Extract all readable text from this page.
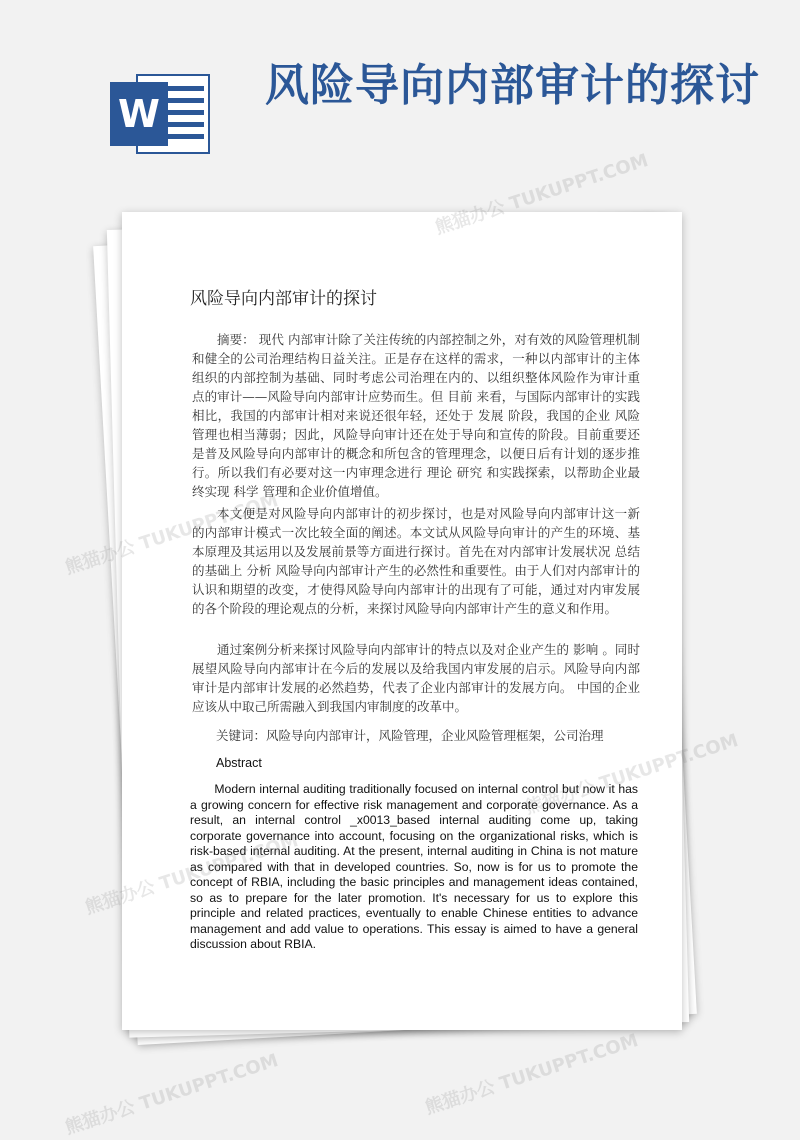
W
风险导向内部审计的探讨
风险导向内部审计的探讨

摘要： 现代 内部审计除了关注传统的内部控制之外，对有效的风险管理机制和健全的公司治理结构日益关注。正是存在这样的需求，一种以内部审计的主体组织的内部控制为基础、同时考虑公司治理在内的、以组织整体风险作为审计重点的审计——风险导向内部审计应势而生。但 目前 来看，与国际内部审计的实践相比，我国的内部审计相对来说还很年轻，还处于 发展 阶段，我国的企业 风险管理也相当薄弱；因此，风险导向审计还在处于导向和宣传的阶段。目前重要还是普及风险导向内部审计的概念和所包含的管理理念，以便日后有计划的逐步推行。所以我们有必要对这一内审理念进行 理论 研究 和实践探索，以帮助企业最终实现 科学 管理和企业价值增值。

本文便是对风险导向内部审计的初步探讨，也是对风险导向内部审计这一新的内部审计模式一次比较全面的阐述。本文试从风险导向审计的产生的环境、基本原理及其运用以及发展前景等方面进行探讨。首先在对内部审计发展状况 总结 的基础上 分析 风险导向内部审计产生的必然性和重要性。由于人们对内部审计的认识和期望的改变，才使得风险导向内部审计的出现有了可能，通过对内审发展的各个阶段的理论观点的分析，来探讨风险导向内部审计产生的意义和作用。

通过案例分析来探讨风险导向内部审计的特点以及对企业产生的 影响 。同时展望风险导向内部审计在今后的发展以及给我国内审发展的启示。风险导向内部审计是内部审计发展的必然趋势，代表了企业内部审计的发展方向。 中国的企业应该从中取己所需融入到我国内审制度的改革中。

关键词：风险导向内部审计，风险管理，企业风险管理框架，公司治理

Abstract

Modern internal auditing traditionally focused on internal control but now it has a growing concern for effective risk management and corporate governance. As a result, an internal control _x0013_based internal auditing come up, taking corporate governance into account, focusing on the organizational risks, which is risk-based internal auditing. At the present, internal auditing in China is not mature as compared with that in developed countries. So, now is for us to promote the concept of RBIA, including the basic principles and management ideas contained, so as to prepare for the later promotion. It's necessary for us to explore this principle and related practices, eventually to enable Chinese entities to advance management and add value to operations. This essay is aimed to have a general discussion about RBIA.

熊猫办公 TUKUPPT.COM
熊猫办公
熊猫办公
熊猫办公 TUKUPPT.COM
熊猫办公 TUKUPPT.COM
